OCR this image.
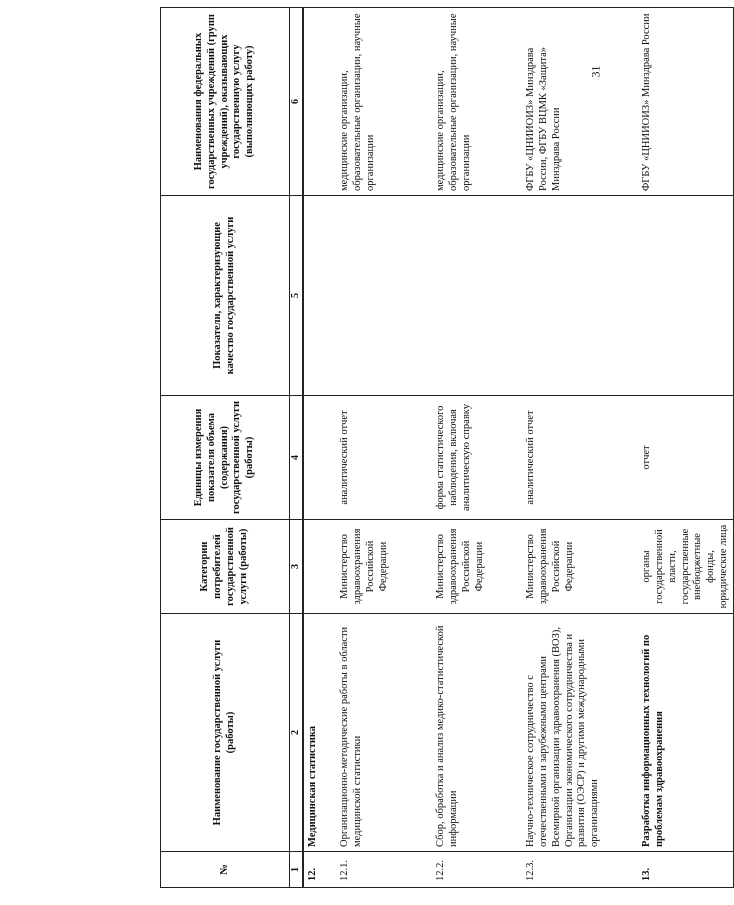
№	Наименование государственной услуги (работы)	Категории потребителей государственной услуги (работы)	Единицы измерения показателя объема (содержания) государственной услуги (работы)	Показатели, характеризующие качество государственной услуги	Наименования федеральных государственных учреждений (групп учреждений), оказывающих государственную услугу (выполняющих работу)
1	2	3	4	5	6
12.	Медицинская статистика				
12.1.	Организационно-методические работы в области медицинской статистики	Министерство здравоохранения Российской Федерации	аналитический отчет		медицинские организации, образовательные организации, научные организации
12.2.	Сбор, обработка и анализ медико-статистической информации	Министерство здравоохранения Российской Федерации	форма статистического наблюдения, включая аналитическую справку		медицинские организации, образовательные организации, научные организации
12.3.	Научно-техническое сотрудничество с отечественными и зарубежными центрами Всемирной организации здравоохранения (ВОЗ), Организации экономического сотрудничества и развития (ОЭСР) и другими международными организациями	Министерство здравоохранения Российской Федерации	аналитический отчет		ФГБУ «ЦНИИОИЗ» Минздрава России, ФГБУ ВЦМК «Защита» Минздрава России
13.	Разработка информационных технологий по проблемам здравоохранения	органы государственной власти, государственные внебюджетные фонды, юридические лица	отчет		ФГБУ «ЦНИИОИЗ» Минздрава России
31
